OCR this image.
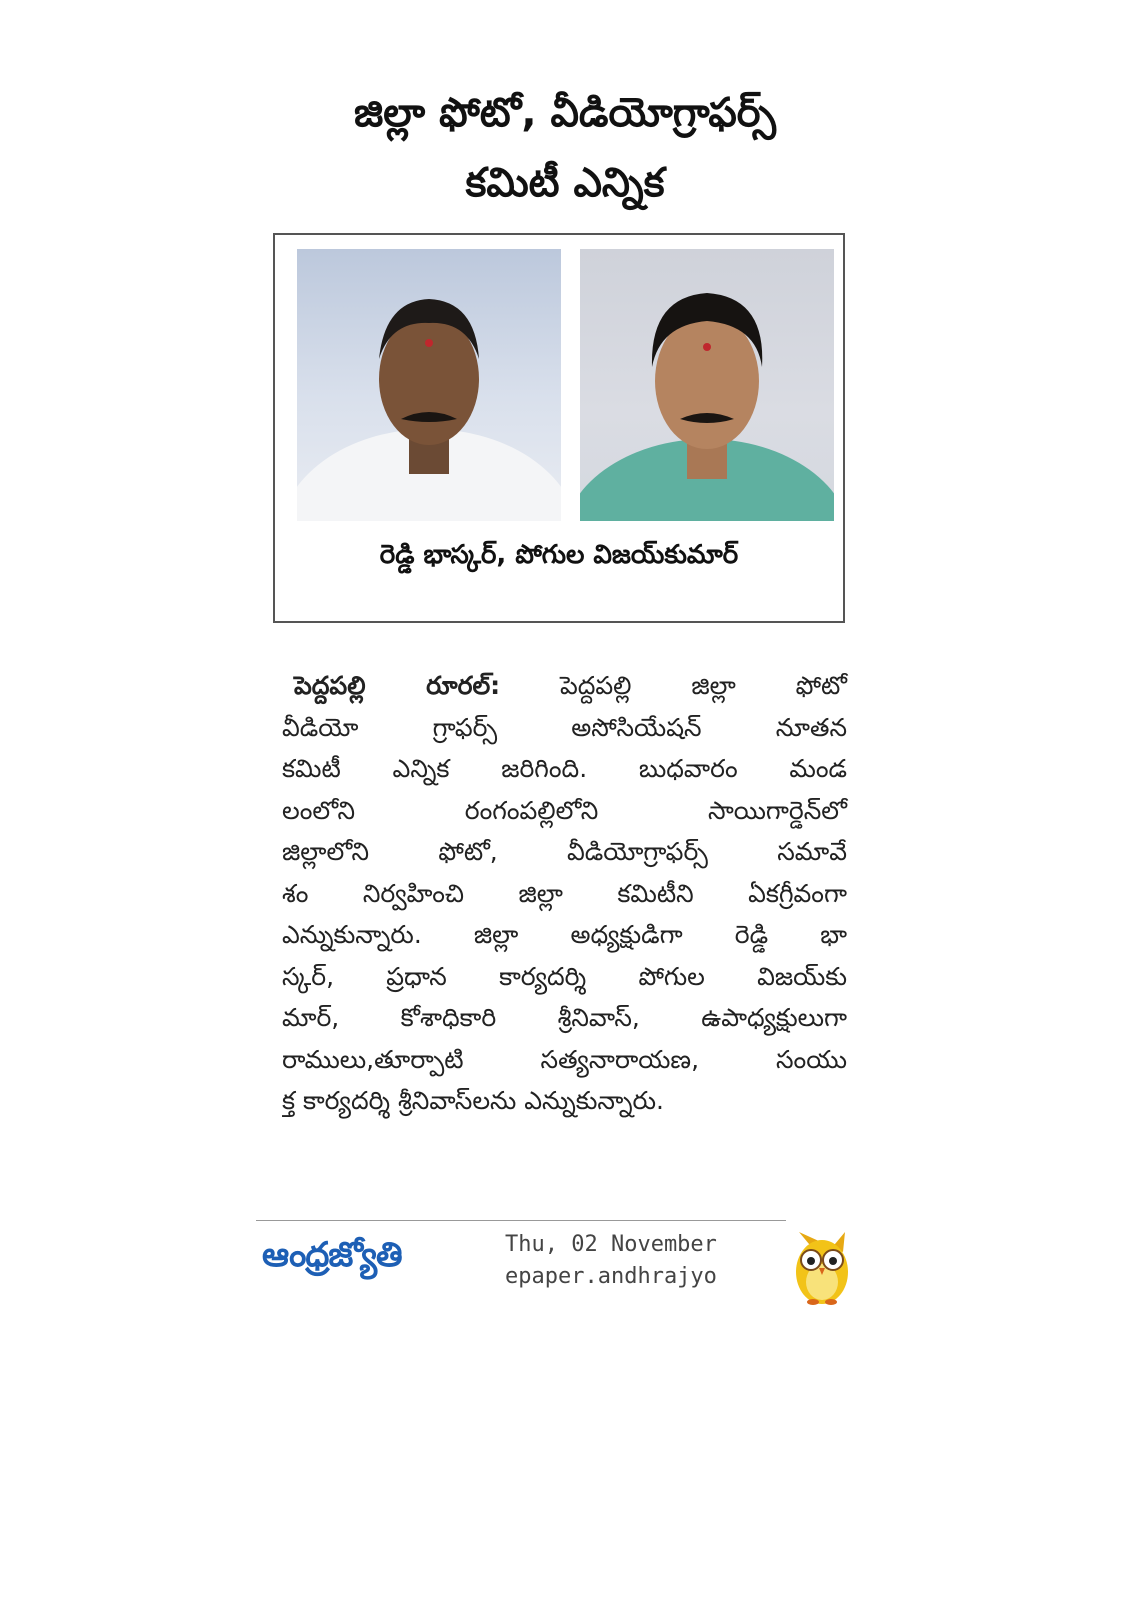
జిల్లా ఫోటో, వీడియోగ్రాఫర్స్
కమిటీ ఎన్నిక
రెడ్డి భాస్కర్, పోగుల విజయ్‌కుమార్
పెద్దపల్లి రూరల్: పెద్దపల్లి జిల్లా ఫోటో
వీడియో గ్రాఫర్స్ అసోసియేషన్ నూతన
కమిటీ ఎన్నిక జరిగింది. బుధవారం మండ
లంలోని రంగంపల్లిలోని సాయిగార్డెన్‌లో
జిల్లాలోని ఫోటో, వీడియోగ్రాఫర్స్ సమావే
శం నిర్వహించి జిల్లా కమిటీని ఏకగ్రీవంగా
ఎన్నుకున్నారు. జిల్లా అధ్యక్షుడిగా రెడ్డి భా
స్కర్, ప్రధాన కార్యదర్శి పోగుల విజయ్‌కు
మార్, కోశాధికారి శ్రీనివాస్, ఉపాధ్యక్షులుగా
రాములు,తూర్పాటి సత్యనారాయణ, సంయు
క్త కార్యదర్శి శ్రీనివాస్‌లను ఎన్నుకున్నారు.
ఆంధ్రజ్యోతి	Thu, 02 November
epaper.andhrajyo
